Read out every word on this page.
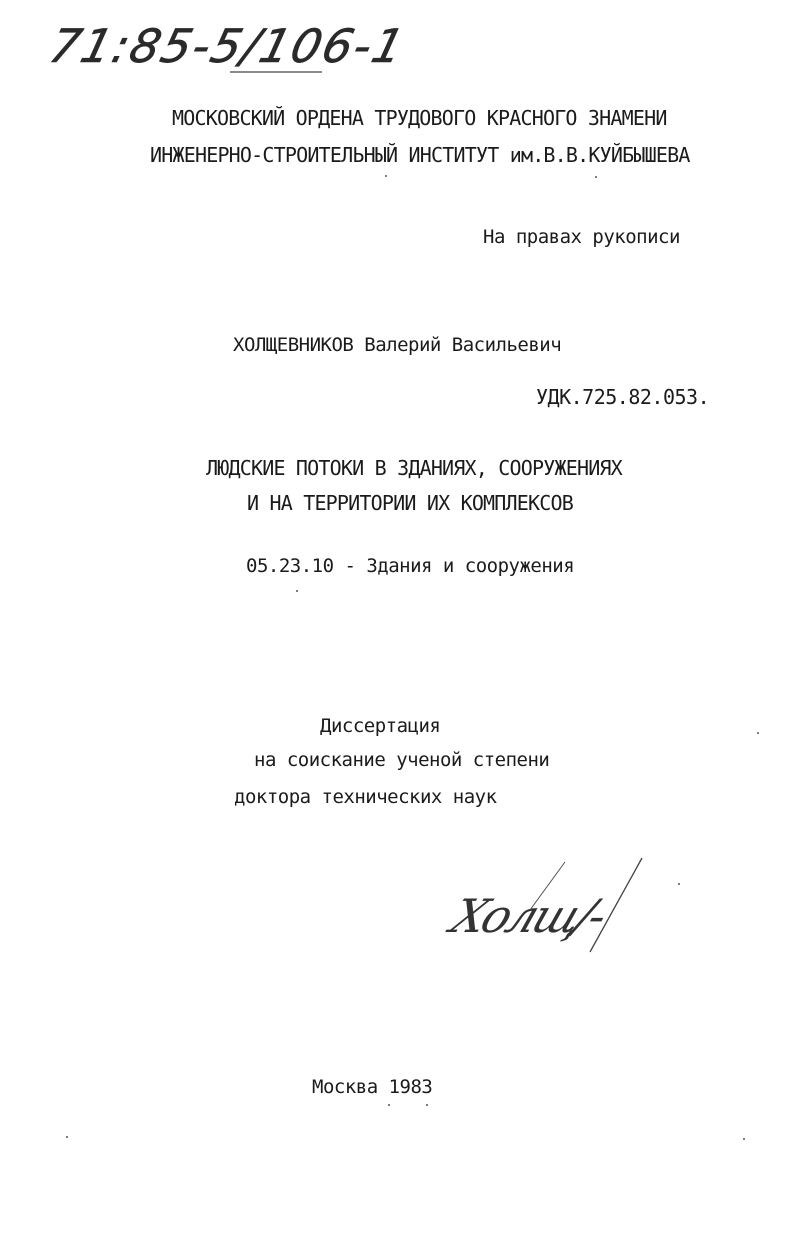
71:85-5/106-1
МОСКОВСКИЙ ОРДЕНА ТРУДОВОГО КРАСНОГО ЗНАМЕНИ
ИНЖЕНЕРНО-СТРОИТЕЛЬНЫЙ ИНСТИТУТ им.В.В.КУЙБЫШЕВА
На правах рукописи
ХОЛЩЕВНИКОВ Валерий Васильевич
УДК.725.82.053.
ЛЮДСКИЕ ПОТОКИ В ЗДАНИЯХ, СООРУЖЕНИЯХ
И НА ТЕРРИТОРИИ ИХ КОМПЛЕКСОВ
05.23.10 - Здания и сооружения
Диссертация
на соискание ученой степени
доктора технических наук
Холщ/-
Москва 1983
